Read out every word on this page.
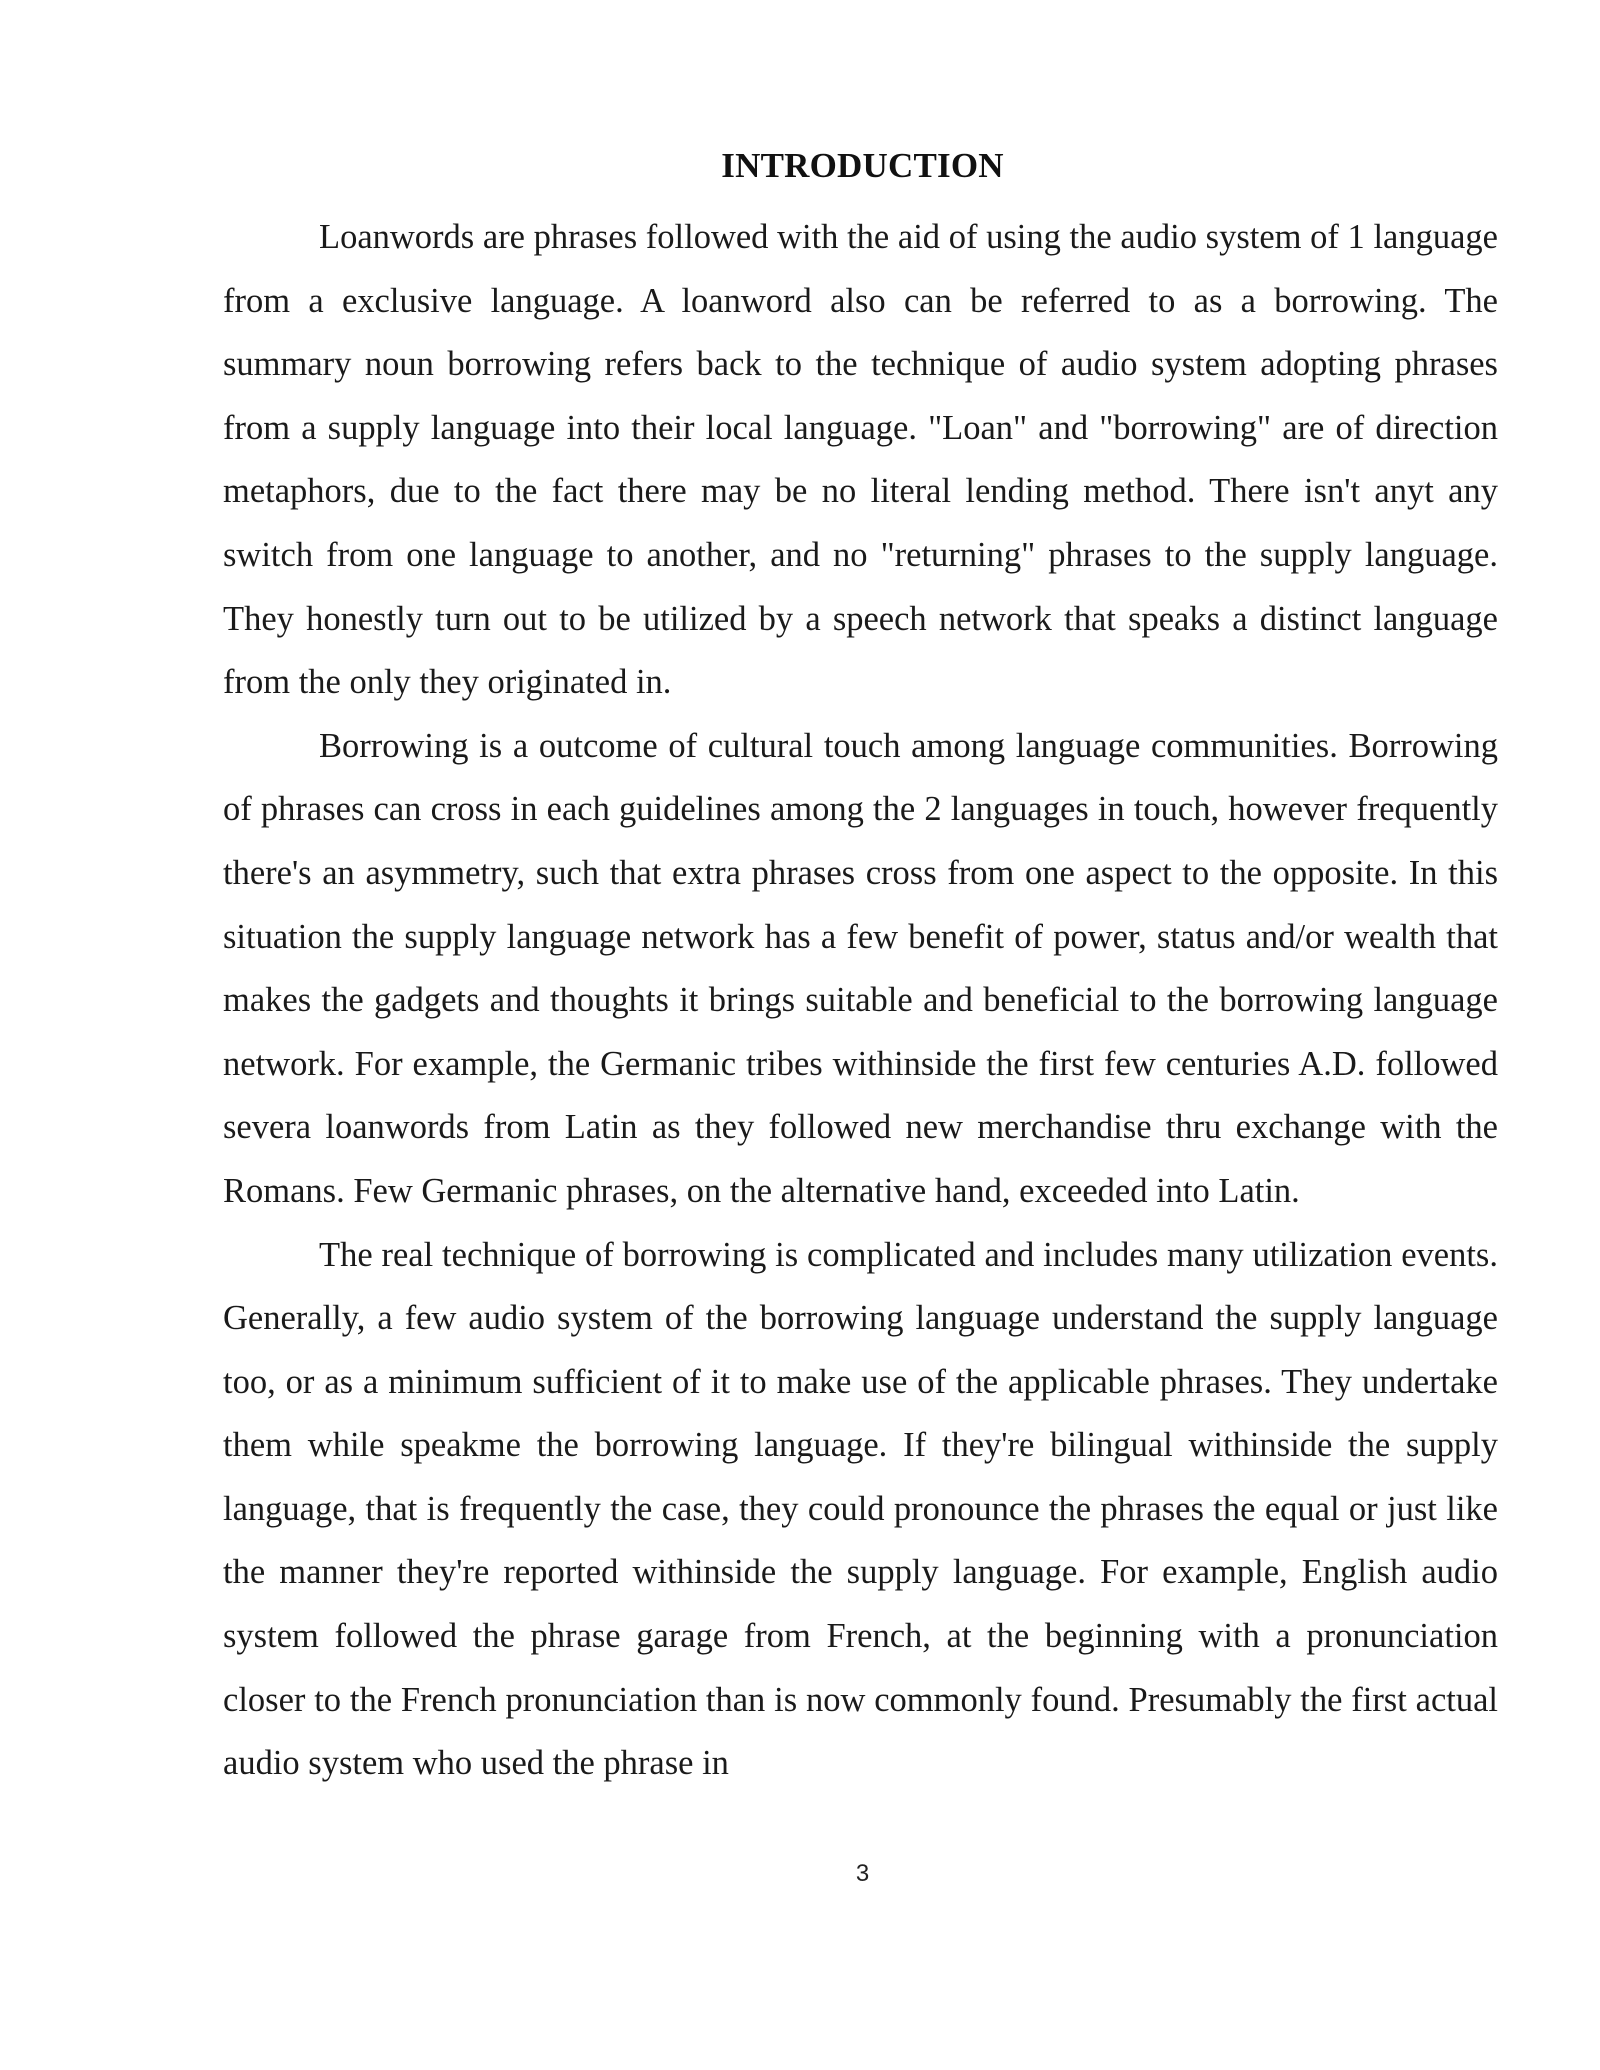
INTRODUCTION

Loanwords are phrases followed with the aid of using the audio system of 1 language from a exclusive language. A loanword also can be referred to as a borrowing. The summary noun borrowing refers back to the technique of audio system adopting phrases from a supply language into their local language. "Loan" and "borrowing" are of direction metaphors, due to the fact there may be no literal lending method. There isn't anyt any switch from one language to another, and no "returning" phrases to the supply language. They honestly turn out to be utilized by a speech network that speaks a distinct language from the only they originated in.

Borrowing is a outcome of cultural touch among language communities. Borrowing of phrases can cross in each guidelines among the 2 languages in touch, however frequently there's an asymmetry, such that extra phrases cross from one aspect to the opposite. In this situation the supply language network has a few benefit of power, status and/or wealth that makes the gadgets and thoughts it brings suitable and beneficial to the borrowing language network. For example, the Germanic tribes withinside the first few centuries A.D. followed severa loanwords from Latin as they followed new merchandise thru exchange with the Romans. Few Germanic phrases, on the alternative hand, exceeded into Latin.

The real technique of borrowing is complicated and includes many utilization events. Generally, a few audio system of the borrowing language understand the supply language too, or as a minimum sufficient of it to make use of the applicable phrases. They undertake them while speakme the borrowing language. If they're bilingual withinside the supply language, that is frequently the case, they could pronounce the phrases the equal or just like the manner they're reported withinside the supply language. For example, English audio system followed the phrase garage from French, at the beginning with a pronunciation closer to the French pronunciation than is now commonly found. Presumably the first actual audio system who used the phrase in

3
